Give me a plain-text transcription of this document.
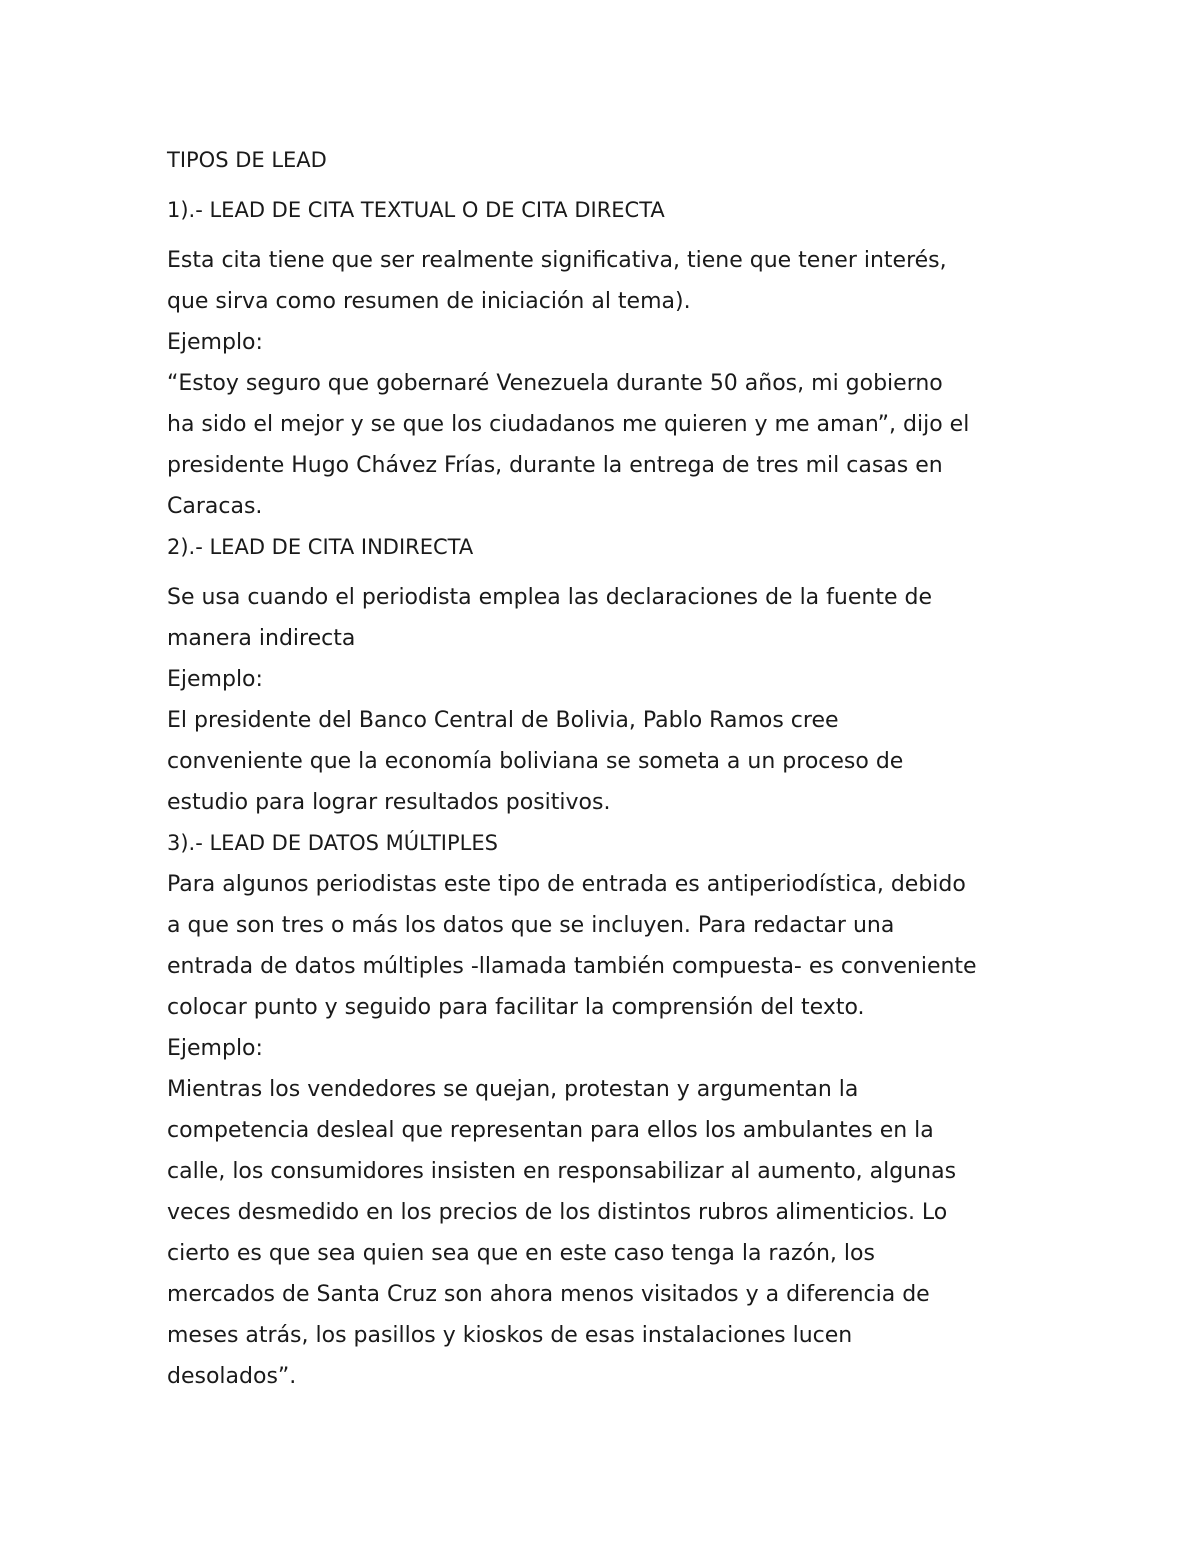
TIPOS DE LEAD

1).- LEAD DE CITA TEXTUAL O DE CITA DIRECTA

Esta cita tiene que ser realmente significativa, tiene que tener interés,

que sirva como resumen de iniciación al tema).

Ejemplo:

“Estoy seguro que gobernaré Venezuela durante 50 años, mi gobierno

ha sido el mejor y se que los ciudadanos me quieren y me aman”, dijo el

presidente Hugo Chávez Frías, durante la entrega de tres mil casas en

Caracas.

2).- LEAD DE CITA INDIRECTA

Se usa cuando el periodista emplea las declaraciones de la fuente de

manera indirecta

Ejemplo:

El presidente del Banco Central de Bolivia, Pablo Ramos cree

conveniente que la economía boliviana se someta a un proceso de

estudio para lograr resultados positivos.

3).- LEAD DE DATOS MÚLTIPLES

Para algunos periodistas este tipo de entrada es antiperiodística, debido

a que son tres o más los datos que se incluyen. Para redactar una

entrada de datos múltiples -llamada también compuesta- es conveniente

colocar punto y seguido para facilitar la comprensión del texto.

Ejemplo:

Mientras los vendedores se quejan, protestan y argumentan la

competencia desleal que representan para ellos los ambulantes en la

calle, los consumidores insisten en responsabilizar al aumento, algunas

veces desmedido en los precios de los distintos rubros alimenticios. Lo

cierto es que sea quien sea que en este caso tenga la razón, los

mercados de Santa Cruz son ahora menos visitados y a diferencia de

meses atrás, los pasillos y kioskos de esas instalaciones lucen

desolados”.
